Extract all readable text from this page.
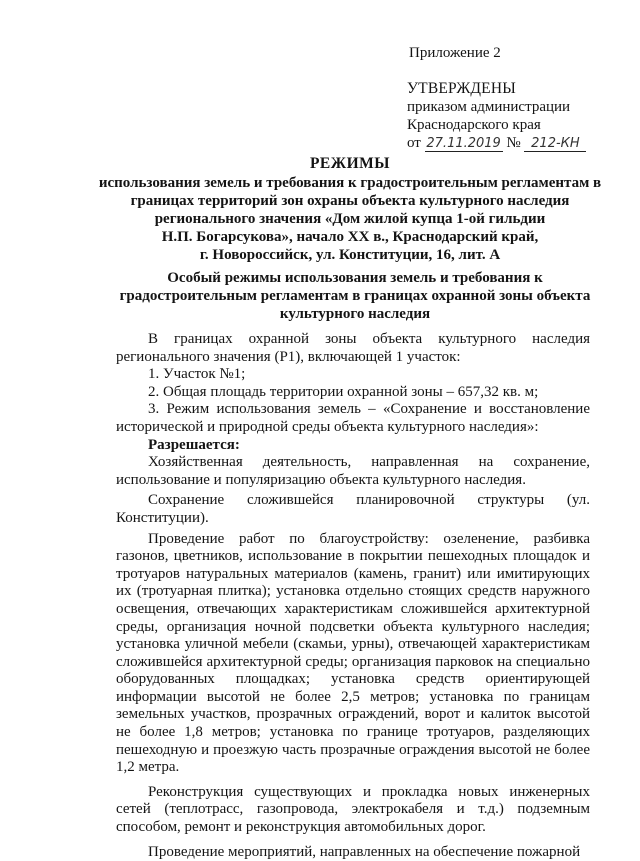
Приложение 2
УТВЕРЖДЕНЫ
приказом администрации
Краснодарского края
от 27.11.2019 № 212-КН
РЕЖИМЫ
использования земель и требования к градостроительным регламентам в
границах территорий зон охраны объекта культурного наследия
регионального значения «Дом жилой купца 1-ой гильдии
Н.П. Богарсукова», начало XX в., Краснодарский край,
г. Новороссийск, ул. Конституции, 16, лит. А
Особый режимы использования земель и требования к
градостроительным регламентам в границах охранной зоны объекта
культурного наследия

В границах охранной зоны объекта культурного наследия регионального значения (Р1), включающей 1 участок:

1. Участок №1;

2. Общая площадь территории охранной зоны – 657,32 кв. м;

3. Режим использования земель – «Сохранение и восстановление исторической и природной среды объекта культурного наследия»:

Разрешается:

Хозяйственная деятельность, направленная на сохранение, использование и популяризацию объекта культурного наследия.

Сохранение сложившейся планировочной структуры (ул. Конституции).

Проведение работ по благоустройству: озеленение, разбивка газонов, цветников, использование в покрытии пешеходных площадок и тротуаров натуральных материалов (камень, гранит) или имитирующих их (тротуарная плитка); установка отдельно стоящих средств наружного освещения, отвечающих характеристикам сложившейся архитектурной среды, организация ночной подсветки объекта культурного наследия; установка уличной мебели (скамьи, урны), отвечающей характеристикам сложившейся архитектурной среды; организация парковок на специально оборудованных площадках; установка средств ориентирующей информации высотой не более 2,5 метров; установка по границам земельных участков, прозрачных ограждений, ворот и калиток высотой не более 1,8 метров; установка по границе тротуаров, разделяющих пешеходную и проезжую часть прозрачные ограждения высотой не более 1,2 метра.

Реконструкция существующих и прокладка новых инженерных сетей (теплотрасс, газопровода, электрокабеля и т.д.) подземным способом, ремонт и реконструкция автомобильных дорог.

Проведение мероприятий, направленных на обеспечение пожарной
